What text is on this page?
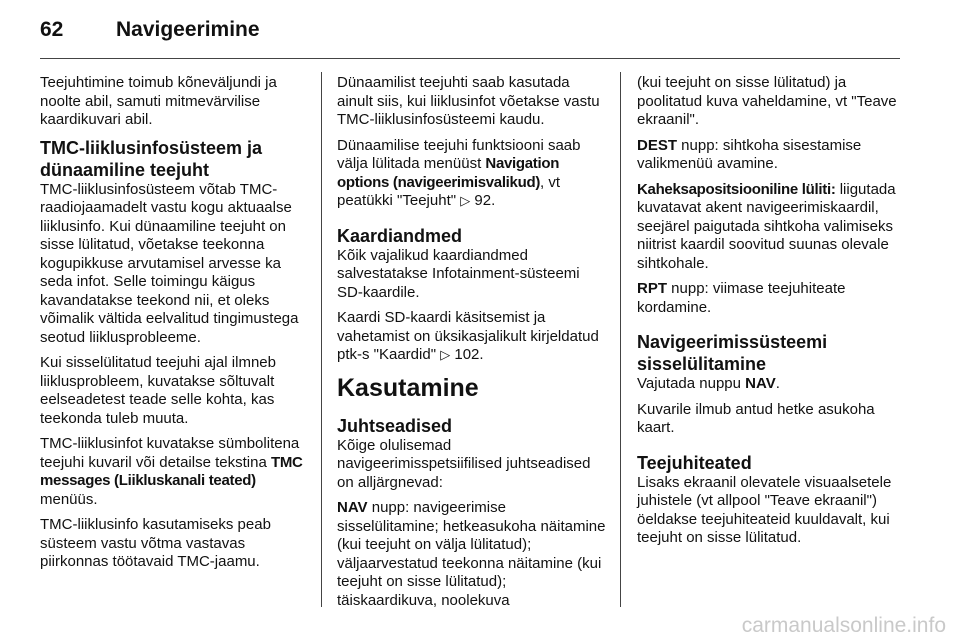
62	Navigeerimine

Teejuhtimine toimub kõneväljundi ja noolte abil, samuti mitmevärvilise kaardikuvari abil.

TMC-liiklusinfosüsteem ja dünaamiline teejuht

TMC-liiklusinfosüsteem võtab TMC-raadiojaamadelt vastu kogu aktuaalse liiklusinfo. Kui dünaamiline teejuht on sisse lülitatud, võetakse teekonna kogupikkuse arvutamisel arvesse ka seda infot. Selle toimingu käigus kavandatakse teekond nii, et oleks võimalik vältida eelvalitud tingimustega seotud liiklusprobleeme.

Kui sisselülitatud teejuhi ajal ilmneb liiklusprobleem, kuvatakse sõltuvalt eelseadetest teade selle kohta, kas teekonda tuleb muuta.

TMC-liiklusinfot kuvatakse sümbolitena teejuhi kuvaril või detailse tekstina TMC messages (Liikluskanali teated) menüüs.

TMC-liiklusinfo kasutamiseks peab süsteem vastu võtma vastavas piirkonnas töötavaid TMC-jaamu.

Dünaamilist teejuhti saab kasutada ainult siis, kui liiklusinfot võetakse vastu TMC-liiklusinfosüsteemi kaudu.

Dünaamilise teejuhi funktsiooni saab välja lülitada menüüst Navigation options (navigeerimisvalikud), vt peatükki "Teejuht" ▷ 92.

Kaardiandmed

Kõik vajalikud kaardiandmed salvestatakse Infotainment-süsteemi SD-kaardile.

Kaardi SD-kaardi käsitsemist ja vahetamist on üksikasjalikult kirjeldatud ptk-s "Kaardid" ▷ 102.

Kasutamine
Juhtseadised

Kõige olulisemad navigeerimisspetsiifilised juhtseadised on alljärgnevad:

NAV nupp: navigeerimise sisselülitamine; hetkeasukoha näitamine (kui teejuht on välja lülitatud); väljaarvestatud teekonna näitamine (kui teejuht on sisse lülitatud); täiskaardikuva, noolekuva

(kui teejuht on sisse lülitatud) ja poolitatud kuva vaheldamine, vt "Teave ekraanil".

DEST nupp: sihtkoha sisestamise valikmenüü avamine.

Kaheksapositsiooniline lüliti: liigutada kuvatavat akent navigeerimiskaardil, seejärel paigutada sihtkoha valimiseks niitrist kaardil soovitud suunas olevale sihtkohale.

RPT nupp: viimase teejuhiteate kordamine.

Navigeerimissüsteemi sisselülitamine

Vajutada nuppu NAV.

Kuvarile ilmub antud hetke asukoha kaart.

Teejuhiteated

Lisaks ekraanil olevatele visuaalsetele juhistele (vt allpool "Teave ekraanil") öeldakse teejuhiteateid kuuldavalt, kui teejuht on sisse lülitatud.

carmanualsonline.info
